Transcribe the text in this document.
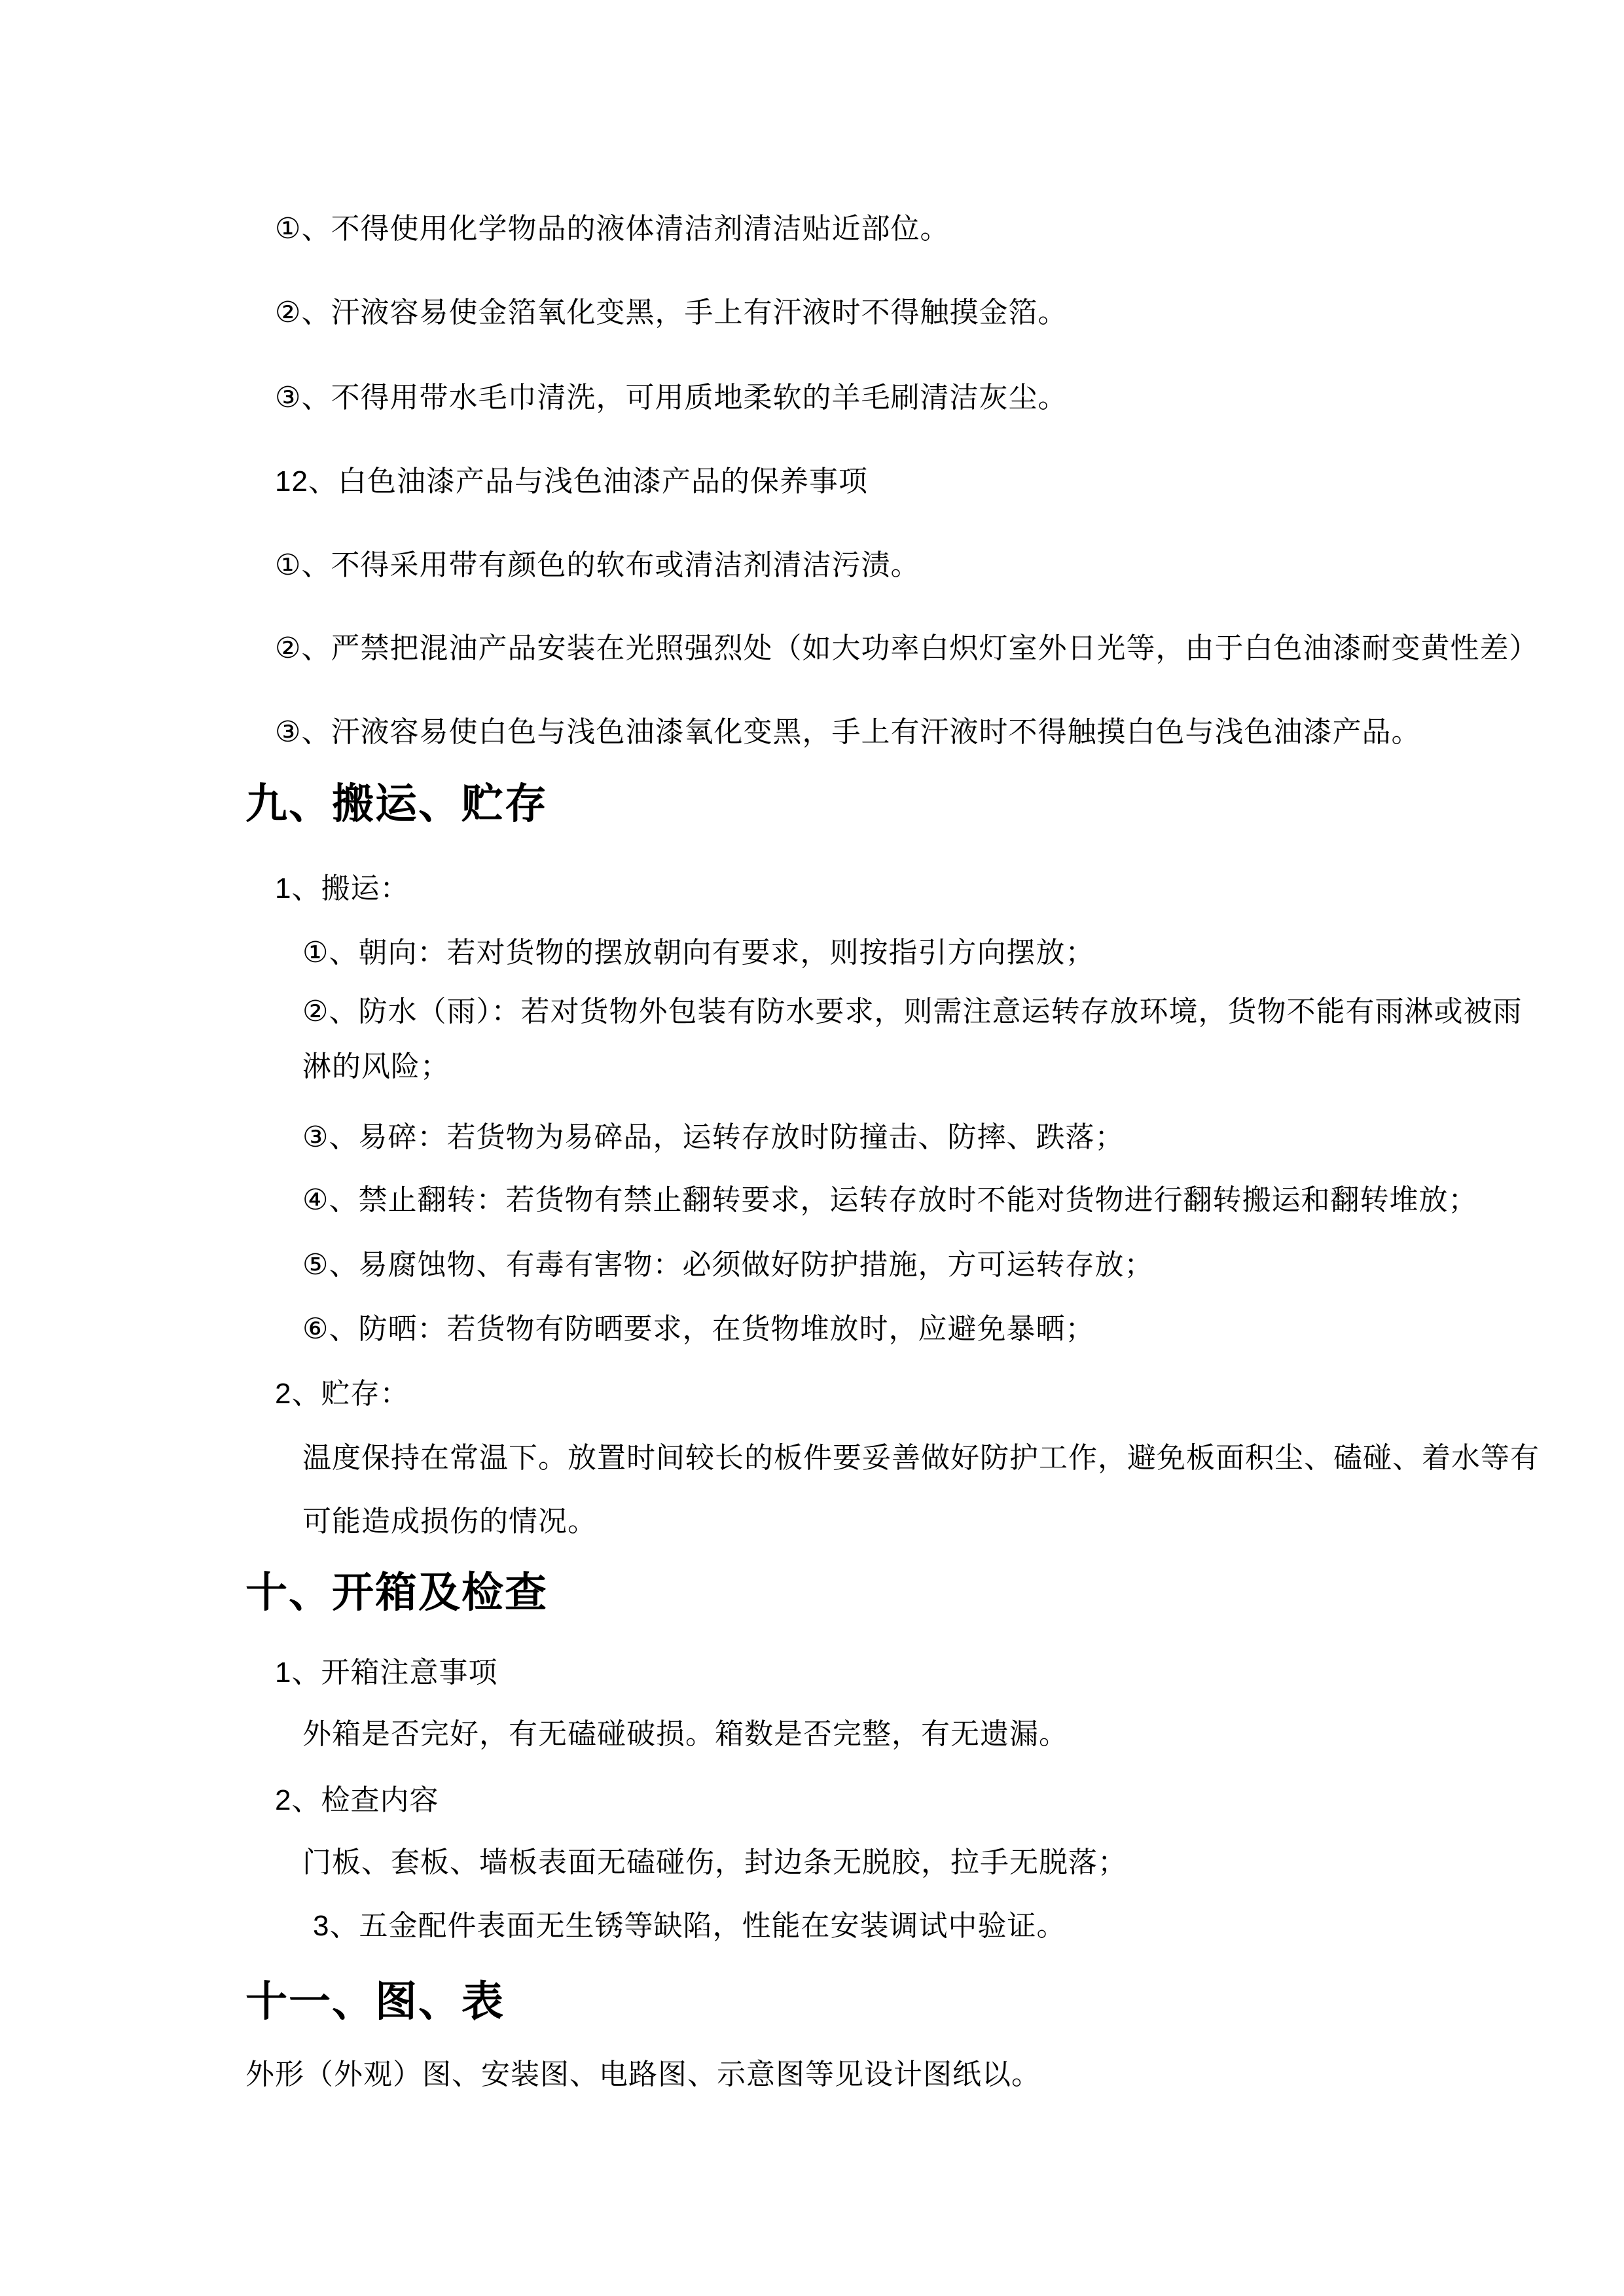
①、不得使用化学物品的液体清洁剂清洁贴近部位。
②、汗液容易使金箔氧化变黑，手上有汗液时不得触摸金箔。
③、不得用带水毛巾清洗，可用质地柔软的羊毛刷清洁灰尘。
12、白色油漆产品与浅色油漆产品的保养事项
①、不得采用带有颜色的软布或清洁剂清洁污渍。
②、严禁把混油产品安装在光照强烈处（如大功率白炽灯室外日光等，由于白色油漆耐变黄性差）
③、汗液容易使白色与浅色油漆氧化变黑，手上有汗液时不得触摸白色与浅色油漆产品。
九、搬运、贮存
1、搬运：
①、朝向：若对货物的摆放朝向有要求，则按指引方向摆放；
②、防水（雨）：若对货物外包装有防水要求，则需注意运转存放环境，货物不能有雨淋或被雨
淋的风险；
③、易碎：若货物为易碎品，运转存放时防撞击、防摔、跌落；
④、禁止翻转：若货物有禁止翻转要求，运转存放时不能对货物进行翻转搬运和翻转堆放；
⑤、易腐蚀物、有毒有害物：必须做好防护措施，方可运转存放；
⑥、防晒：若货物有防晒要求，在货物堆放时，应避免暴晒；
2、贮存：
温度保持在常温下。放置时间较长的板件要妥善做好防护工作，避免板面积尘、磕碰、着水等有
可能造成损伤的情况。
十、开箱及检查
1、开箱注意事项
外箱是否完好，有无磕碰破损。箱数是否完整，有无遗漏。
2、检查内容
门板、套板、墙板表面无磕碰伤，封边条无脱胶，拉手无脱落；
3、五金配件表面无生锈等缺陷，性能在安装调试中验证。
十一、图、表
外形（外观）图、安装图、电路图、示意图等见设计图纸以。
